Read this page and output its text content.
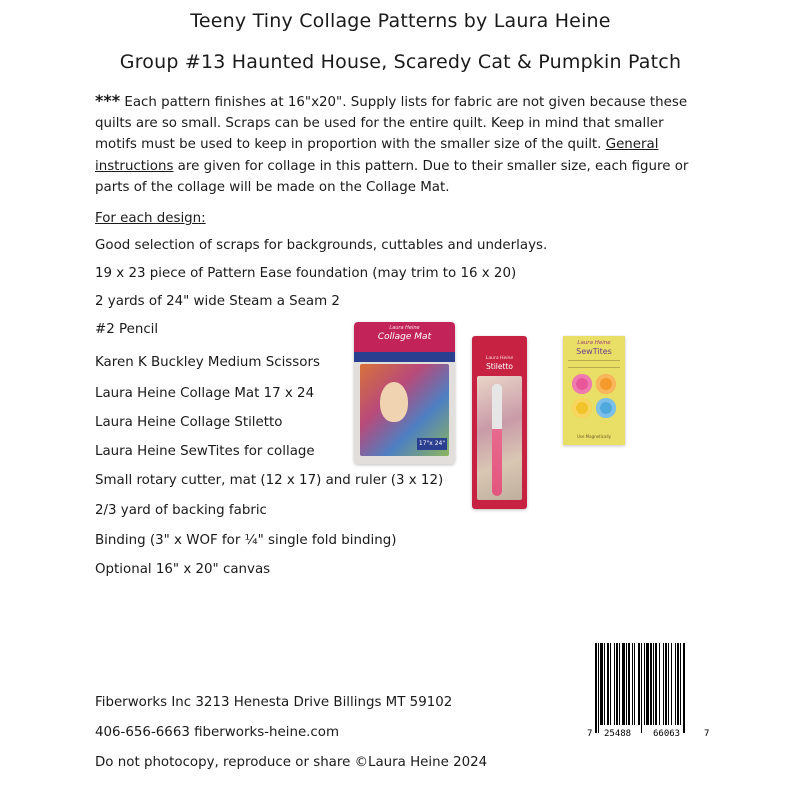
Teeny Tiny Collage Patterns by Laura Heine
Group #13 Haunted House, Scaredy Cat & Pumpkin Patch
*** Each pattern finishes at 16"x20". Supply lists for fabric are not given because these quilts are so small. Scraps can be used for the entire quilt. Keep in mind that smaller motifs must be used to keep in proportion with the smaller size of the quilt. General instructions are given for collage in this pattern. Due to their smaller size, each figure or parts of the collage will be made on the Collage Mat.
For each design:
Good selection of scraps for backgrounds, cuttables and underlays.
19 x 23 piece of Pattern Ease foundation (may trim to 16 x 20)
2 yards of 24" wide Steam a Seam 2
#2 Pencil
Karen K Buckley Medium Scissors
Laura Heine Collage Mat 17 x 24
Laura Heine Collage Stiletto
Laura Heine SewTites for collage
Small rotary cutter, mat (12 x 17) and ruler (3 x 12)
2/3 yard of backing fabric
Binding (3" x WOF for ¼" single fold binding)
Optional 16" x 20" canvas
Laura Heine
Collage Mat
17"x 24"
Laura Heine
Stiletto
Laura Heine
SewTites
Use Magnetically
Fiberworks Inc 3213 Henesta Drive Billings MT 59102
406-656-6663 fiberworks-heine.com
Do not photocopy, reproduce or share ©Laura Heine 2024
7 25488 66063	7
